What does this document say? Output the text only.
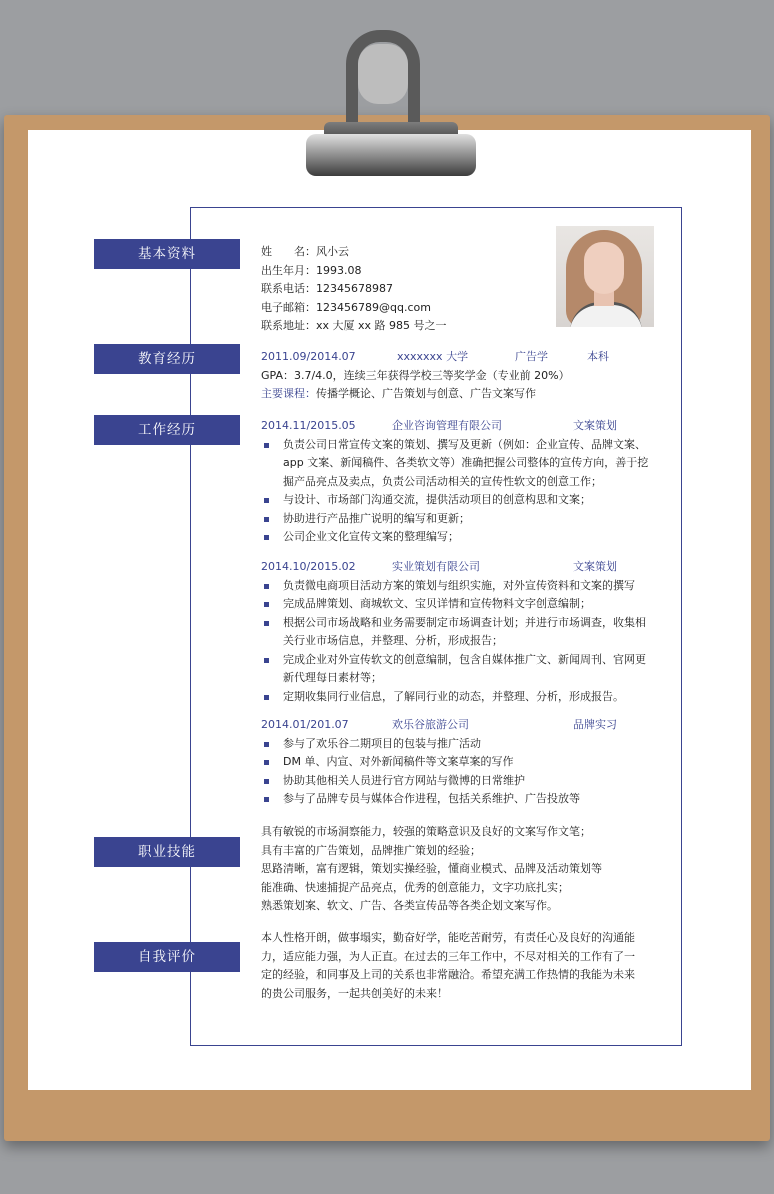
基本资料
教育经历
工作经历
职业技能
自我评价
姓　　名：风小云
出生年月：1993.08
联系电话：12345678987
电子邮箱：123456789@qq.com
联系地址：xx 大厦 xx 路 985 号之一
2011.09/2014.07	xxxxxxx 大学	广告学	本科
GPA：3.7/4.0，连续三年获得学校三等奖学金（专业前 20%）
主要课程：传播学概论、广告策划与创意、广告文案写作
2014.11/2015.05	企业咨询管理有限公司	文案策划
负责公司日常宣传文案的策划、撰写及更新（例如：企业宣传、品牌文案、
app 文案、新闻稿件、各类软文等）准确把握公司整体的宣传方向，善于挖
掘产品亮点及卖点，负责公司活动相关的宣传性软文的创意工作；
与设计、市场部门沟通交流，提供活动项目的创意构思和文案；
协助进行产品推广说明的编写和更新；
公司企业文化宣传文案的整理编写；
2014.10/2015.02	实业策划有限公司	文案策划
负责微电商项目活动方案的策划与组织实施，对外宣传资料和文案的撰写
完成品牌策划、商城软文、宝贝详情和宣传物料文字创意编制；
根据公司市场战略和业务需要制定市场调查计划；并进行市场调查，收集相
关行业市场信息，并整理、分析，形成报告；
完成企业对外宣传软文的创意编制，包含自媒体推广文、新闻周刊、官网更
新代理每日素材等；
定期收集同行业信息，了解同行业的动态，并整理、分析，形成报告。
2014.01/201.07	欢乐谷旅游公司	品牌实习
参与了欢乐谷二期项目的包装与推广活动
DM 单、内宣、对外新闻稿件等文案草案的写作
协助其他相关人员进行官方网站与微博的日常维护
参与了品牌专员与媒体合作进程，包括关系维护、广告投放等
具有敏锐的市场洞察能力，较强的策略意识及良好的文案写作文笔；
具有丰富的广告策划，品牌推广策划的经验；
思路清晰，富有逻辑，策划实操经验，懂商业模式、品牌及活动策划等
能准确、快速捕捉产品亮点，优秀的创意能力，文字功底扎实；
熟悉策划案、软文、广告、各类宣传品等各类企划文案写作。
本人性格开朗，做事塌实，勤奋好学，能吃苦耐劳，有责任心及良好的沟通能
力，适应能力强，为人正直。在过去的三年工作中，不尽对相关的工作有了一
定的经验，和同事及上司的关系也非常融洽。希望充满工作热情的我能为未来
的贵公司服务，一起共创美好的未来！
